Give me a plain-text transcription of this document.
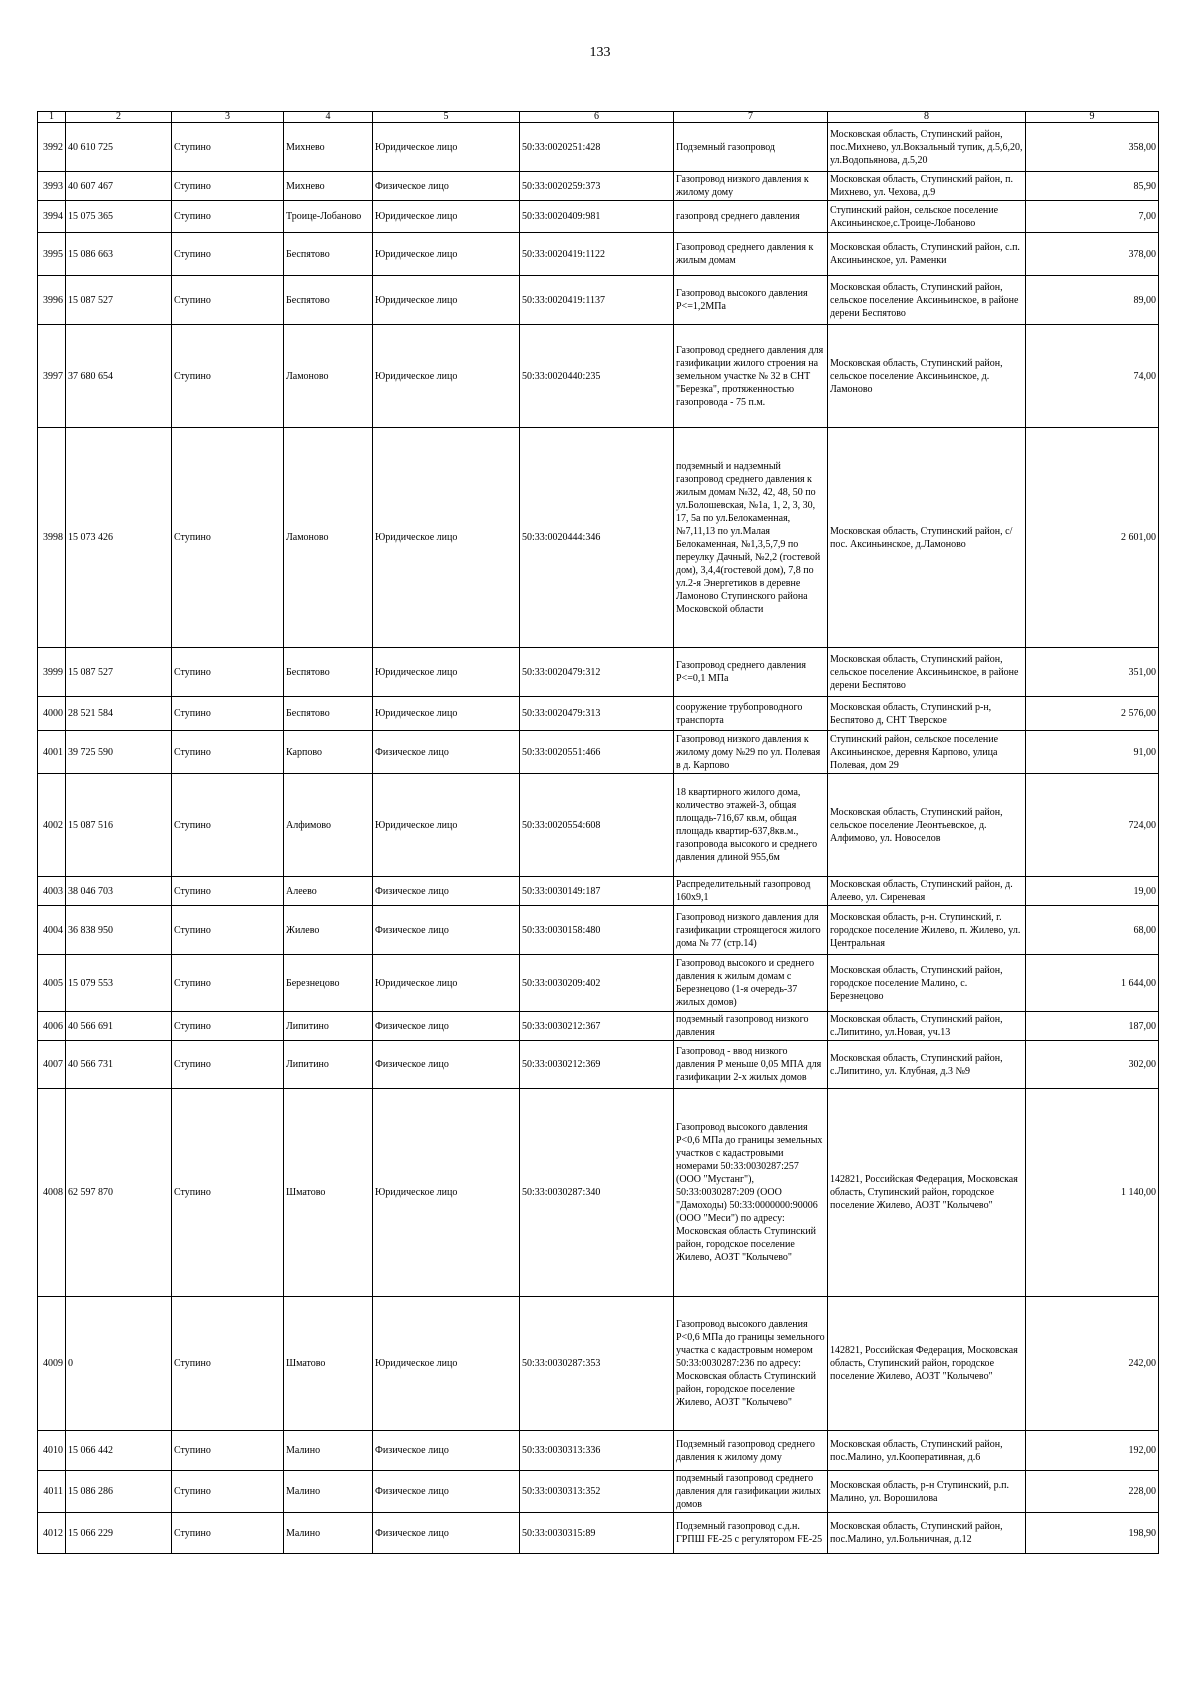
133
1	2	3	4	5	6	7	8	9
3992	40 610 725	Ступино	Михнево	Юридическое лицо	50:33:0020251:428	Подземный газопровод	Московская область, Ступинский район, пос.Михнево, ул.Вокзальный тупик, д.5,6,20, ул.Водопьянова, д.5,20	358,00
3993	40 607 467	Ступино	Михнево	Физическое лицо	50:33:0020259:373	Газопровод низкого давления к жилому дому	Московская область, Ступинский район, п. Михнево, ул. Чехова, д.9	85,90
3994	15 075 365	Ступино	Троице-Лобаново	Юридическое лицо	50:33:0020409:981	газопровд среднего давления	Ступинский район, сельское поселение Аксиньинское,с.Троице-Лобаново	7,00
3995	15 086 663	Ступино	Беспятово	Юридическое лицо	50:33:0020419:1122	Газопровод среднего давления к жилым домам	Московская область, Ступинский район, с.п. Аксиньинское, ул. Раменки	378,00
3996	15 087 527	Ступино	Беспятово	Юридическое лицо	50:33:0020419:1137	Газопровод высокого давления Р<=1,2МПа	Московская область, Ступинский район, сельское поселение Аксиньинское, в районе дерени Беспятово	89,00
3997	37 680 654	Ступино	Ламоново	Юридическое лицо	50:33:0020440:235	Газопровод среднего давления для газификации жилого строения на земельном участке № 32 в СНТ "Березка", протяженностью газопровода - 75 п.м.	Московская область, Ступинский район, сельское поселение Аксиньинское, д. Ламоново	74,00
3998	15 073 426	Ступино	Ламоново	Юридическое лицо	50:33:0020444:346	подземный и надземный газопровод среднего давления к жилым домам №32, 42, 48, 50 по ул.Болошевская, №1а, 1, 2, 3, 30, 17, 5а по ул.Белокаменная, №7,11,13 по ул.Малая Белокаменная, №1,3,5,7,9 по переулку Дачный, №2,2 (гостевой дом), 3,4,4(гостевой дом), 7,8 по ул.2-я Энергетиков в деревне Ламоново Ступинского района Московской области	Московская область, Ступинский район, с/пос. Аксиньинское, д.Ламоново	2 601,00
3999	15 087 527	Ступино	Беспятово	Юридическое лицо	50:33:0020479:312	Газопровод среднего давления Р<=0,1 МПа	Московская область, Ступинский район, сельское поселение Аксиньинское, в районе дерени Беспятово	351,00
4000	28 521 584	Ступино	Беспятово	Юридическое лицо	50:33:0020479:313	сооружение трубопроводного транспорта	Московская область, Ступинский р-н, Беспятово д, СНТ Тверское	2 576,00
4001	39 725 590	Ступино	Карпово	Физическое лицо	50:33:0020551:466	Газопровод низкого давления к жилому дому №29 по ул. Полевая в д. Карпово	Ступинский район, сельское поселение Аксиньинское, деревня Карпово, улица Полевая, дом 29	91,00
4002	15 087 516	Ступино	Алфимово	Юридическое лицо	50:33:0020554:608	18 квартирного жилого дома, количество этажей-3, общая площадь-716,67 кв.м, общая площадь квартир-637,8кв.м., газопровода высокого и среднего давления длиной 955,6м	Московская область, Ступинский район, сельское поселение Леонтьевское, д. Алфимово, ул. Новоселов	724,00
4003	38 046 703	Ступино	Алеево	Физическое лицо	50:33:0030149:187	Распределительный газопровод 160х9,1	Московская область, Ступинский район, д. Алеево, ул. Сиреневая	19,00
4004	36 838 950	Ступино	Жилево	Физическое лицо	50:33:0030158:480	Газопровод низкого давления для газификации строящегося жилого дома № 77 (стр.14)	Московская область, р-н. Ступинский, г. городское поселение Жилево, п. Жилево, ул. Центральная	68,00
4005	15 079 553	Ступино	Березнецово	Юридическое лицо	50:33:0030209:402	Газопровод высокого и среднего давления к жилым домам с Березнецово (1-я очередь-37 жилых домов)	Московская область, Ступинский район, городское поселение Малино, с. Березнецово	1 644,00
4006	40 566 691	Ступино	Липитино	Физическое лицо	50:33:0030212:367	подземный газопровод низкого давления	Московская область, Ступинский район, с.Липитино, ул.Новая, уч.13	187,00
4007	40 566 731	Ступино	Липитино	Физическое лицо	50:33:0030212:369	Газопровод - ввод низкого давления Р меньше 0,05 МПА для газификации 2-х жилых домов	Московская область, Ступинский район, с.Липитино, ул. Клубная, д.3 №9	302,00
4008	62 597 870	Ступино	Шматово	Юридическое лицо	50:33:0030287:340	Газопровод высокого давления Р<0,6 МПа до границы земельных участков с кадастровыми номерами 50:33:0030287:257 (ООО "Мустанг"), 50:33:0030287:209 (ООО "Дамоходы) 50:33:0000000:90006 (ООО "Меси") по адресу: Московская область Ступинский район, городское поселение Жилево, АОЗТ "Колычево"	142821, Российская Федерация, Московская область, Ступинский район, городское поселение Жилево, АОЗТ "Колычево"	1 140,00
4009	0	Ступино	Шматово	Юридическое лицо	50:33:0030287:353	Газопровод высокого давления Р<0,6 МПа до границы земельного участка с кадастровым номером 50:33:0030287:236 по адресу: Московская область Ступинский район, городское поселение Жилево, АОЗТ "Колычево"	142821, Российская Федерация, Московская область, Ступинский район, городское поселение Жилево, АОЗТ "Колычево"	242,00
4010	15 066 442	Ступино	Малино	Физическое лицо	50:33:0030313:336	Подземный газопровод среднего давления к жилому дому	Московская область, Ступинский район, пос.Малино, ул.Кооперативная, д.6	192,00
4011	15 086 286	Ступино	Малино	Физическое лицо	50:33:0030313:352	подземный газопровод среднего давления для газификации жилых домов	Московская область, р-н Ступинский, р.п. Малино, ул. Ворошилова	228,00
4012	15 066 229	Ступино	Малино	Физическое лицо	50:33:0030315:89	Подземный газопровод с.д.н. ГРПШ FE-25 с регулятором FE-25	Московская область, Ступинский район, пос.Малино, ул.Больничная, д.12	198,90
